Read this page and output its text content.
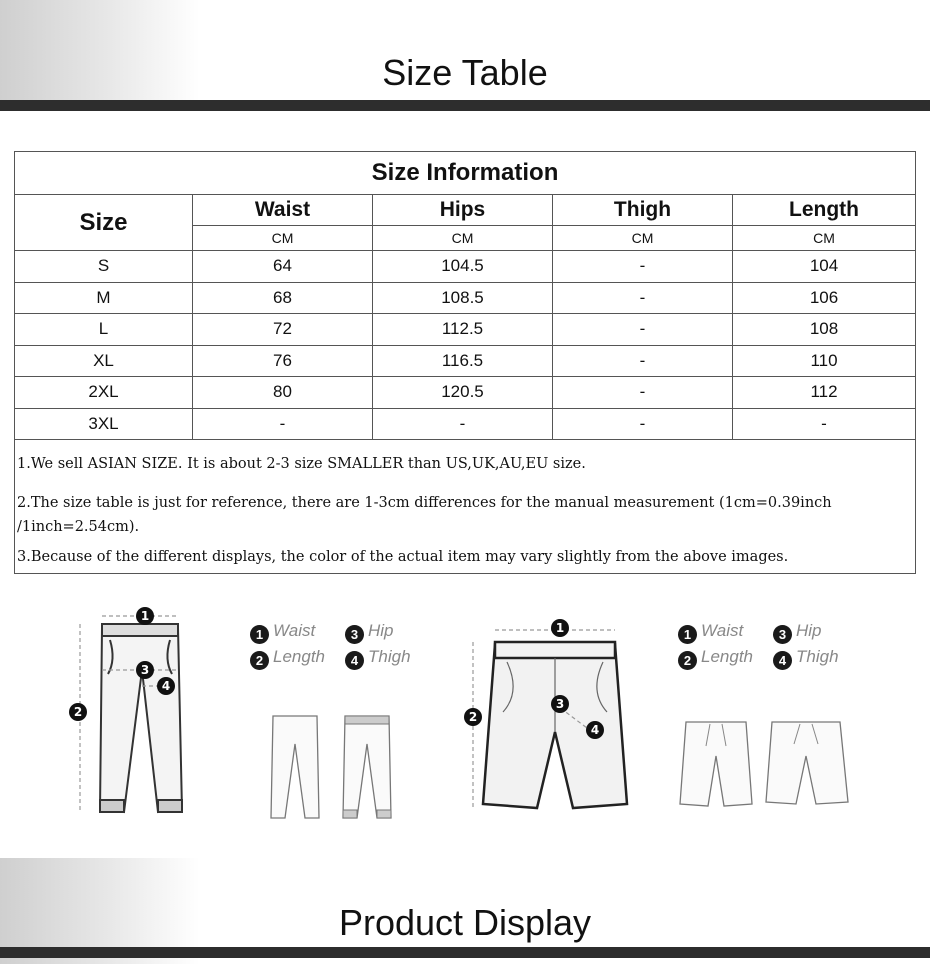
Size Table
Size Information				
Size	Waist	Hips	Thigh	Length
	CM	CM	CM	CM
S	64	104.5	-	104
M	68	108.5	-	106
L	72	112.5	-	108
XL	76	116.5	-	110
2XL	80	120.5	-	112
3XL	-	-	-	-

1.We sell ASIAN SIZE. It is about 2-3 size SMALLER than US,UK,AU,EU size.

2.The size table is just for reference, there are 1-3cm differences for the manual measurement (1cm=0.39inch /1inch=2.54cm).

3.Because of the different displays, the color of the actual item may vary slightly from the above images.				

1
2
3
4
1 Waist	3 Hip
2 Length	4 Thigh
1
2
3
4
1 Waist	3 Hip
2 Length	4 Thigh
Product Display
